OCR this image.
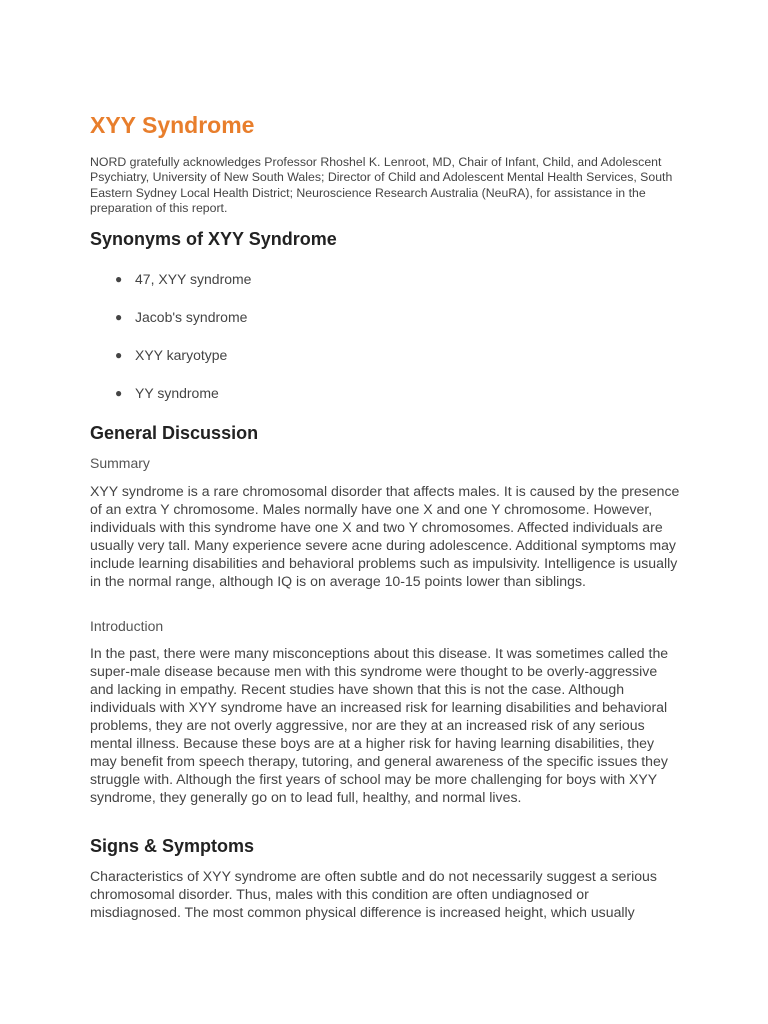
XYY Syndrome

NORD gratefully acknowledges Professor Rhoshel K. Lenroot, MD, Chair of Infant, Child, and Adolescent Psychiatry, University of New South Wales; Director of Child and Adolescent Mental Health Services, South Eastern Sydney Local Health District; Neuroscience Research Australia (NeuRA), for assistance in the preparation of this report.

Synonyms of XYY Syndrome
● 47, XYY syndrome
● Jacob's syndrome
● XYY karyotype
● YY syndrome
General Discussion

Summary

XYY syndrome is a rare chromosomal disorder that affects males. It is caused by the presence of an extra Y chromosome. Males normally have one X and one Y chromosome. However, individuals with this syndrome have one X and two Y chromosomes. Affected individuals are usually very tall. Many experience severe acne during adolescence. Additional symptoms may include learning disabilities and behavioral problems such as impulsivity. Intelligence is usually in the normal range, although IQ is on average 10-15 points lower than siblings.

Introduction

In the past, there were many misconceptions about this disease. It was sometimes called the super-male disease because men with this syndrome were thought to be overly-aggressive and lacking in empathy. Recent studies have shown that this is not the case. Although individuals with XYY syndrome have an increased risk for learning disabilities and behavioral problems, they are not overly aggressive, nor are they at an increased risk of any serious mental illness. Because these boys are at a higher risk for having learning disabilities, they may benefit from speech therapy, tutoring, and general awareness of the specific issues they struggle with. Although the first years of school may be more challenging for boys with XYY syndrome, they generally go on to lead full, healthy, and normal lives.

Signs & Symptoms

Characteristics of XYY syndrome are often subtle and do not necessarily suggest a serious chromosomal disorder. Thus, males with this condition are often undiagnosed or misdiagnosed. The most common physical difference is increased height, which usually
